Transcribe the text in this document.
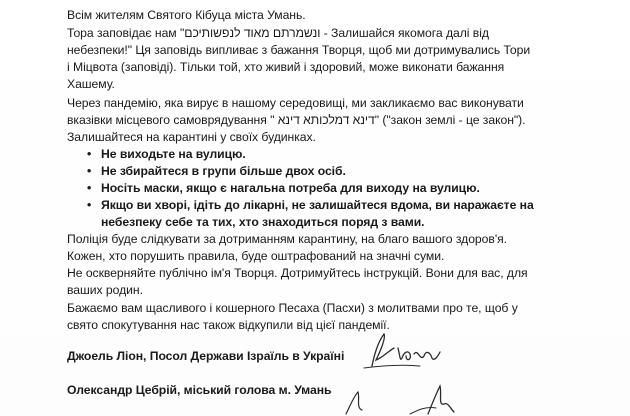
Всім жителям Святого Кібуца міста Умань.
Тора заповідає нам "ונשמרתם מאוד לנפשותיכם - Залишайся якомога далі від
небезпеки!" Ця заповідь випливає з бажання Творця, щоб ми дотримувались Тори
і Міцвота (заповіді). Тільки той, хто живий і здоровий, може виконати бажання
Хашему.
Через пандемію, яка вирує в нашому середовищі, ми закликаємо вас виконувати
вказівки місцевого самоврядування " דינא דמלכותא דינא" ("закон землі - це закон").
Залишайтеся на карантині у своїх будинках.
• Не виходьте на вулицю.
• Не збирайтеся в групи більше двох осіб.
• Носіть маски, якщо є нагальна потреба для виходу на вулицю.
• Якщо ви хворі, ідіть до лікарні, не залишайтеся вдома, ви наражаєте на
небезпеку себе та тих, хто знаходиться поряд з вами.
Поліція буде слідкувати за дотриманням карантину, на благо вашого здоров'я.
Кожен, хто порушить правила, буде оштрафований на значні суми.
Не оскверняйте публічно ім'я Творця. Дотримуйтесь інструкцій. Вони для вас, для
ваших родин.
Бажаємо вам щасливого і кошерного Песаха (Пасхи) з молитвами про те, щоб у
свято спокутування нас також відкупили від цієї пандемії.
Джоель Ліон, Посол Держави Ізраїль в Україні
Олександр Цебрій, міський голова м. Умань
